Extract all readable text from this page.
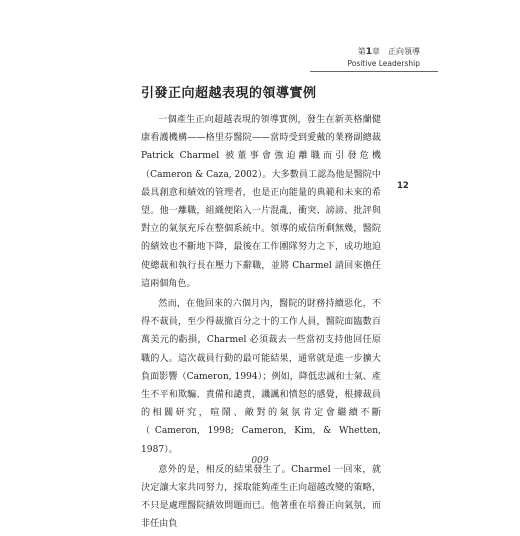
第1章　正向領導
Positive Leadership
引發正向超越表現的領導實例

一個產生正向超越表現的領導實例，發生在新英格蘭健康看護機構——格里芬醫院——當時受到愛戴的業務副總裁 Patrick Charmel 被董事會強迫離職而引發危機（Cameron & Caza, 2002）。大多數員工認為他是醫院中最具創意和績效的管理者，也是正向能量的典範和未來的希望。他一離職，組織便陷入一片混亂，衝突、謗謗、批評與對立的氣氛充斥在整個系統中。領導的威信所剩無幾，醫院的績效也不斷地下降，最後在工作團隊努力之下，成功地迫使總裁和執行長在壓力下辭職，並將 Charmel 請回來擔任這兩個角色。

然而，在他回來的六個月內，醫院的財務持續惡化，不得不裁員，至少得裁撤百分之十的工作人員，醫院面臨數百萬美元的虧損，Charmel 必須裁去一些當初支持他回任原職的人。這次裁員行動的最可能結果，通常就是進一步擴大負面影響（Cameron, 1994）；例如，降低忠誠和士氣、產生不平和欺騙、責備和譴責，譏諷和憤怒的感覺，根據裁員的相關研究，喧鬧、敵對的氣氛肯定會繼續不斷（Cameron, 1998; Cameron, Kim, & Whetten, 1987）。

意外的是，相反的結果發生了。Charmel 一回來，就決定讓大家共同努力，採取能夠產生正向超越改變的策略，不只是處理醫院績效問題而已。他著重在培養正向氣氛，而非任由負

12
009
